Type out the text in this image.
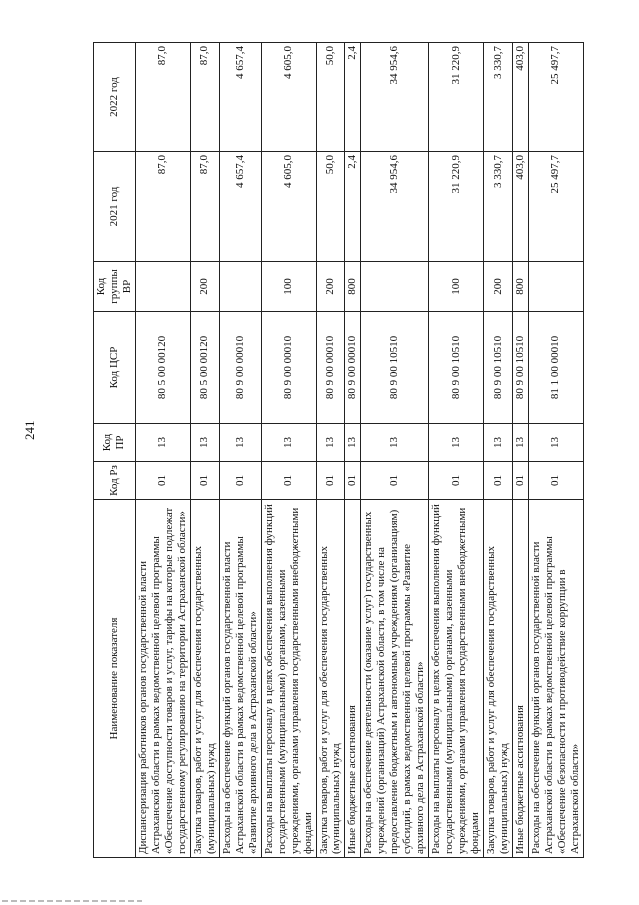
241
Наименование показателя	Код Рз	Код ПР	Код ЦСР	Код группы ВР	2021 год	2022 год
Диспансеризация работников органов государственной власти Астраханской области в рамках ведомственной целевой программы «Обеспечение доступности товаров и услуг, тарифы на которые подлежат государственному регулированию на территории Астраханской области»	01	13	80 5 00 00120		87,0	87,0
Закупка товаров, работ и услуг для обеспечения государственных (муниципальных) нужд	01	13	80 5 00 00120	200	87,0	87,0
Расходы на обеспечение функций органов государственной власти Астраханской области в рамках ведомственной целевой программы «Развитие архивного дела в Астраханской области»	01	13	80 9 00 00010		4 657,4	4 657,4
Расходы на выплаты персоналу в целях обеспечения выполнения функций государственными (муниципальными) органами, казенными учреждениями, органами управления государственными внебюджетными фондами	01	13	80 9 00 00010	100	4 605,0	4 605,0
Закупка товаров, работ и услуг для обеспечения государственных (муниципальных) нужд	01	13	80 9 00 00010	200	50,0	50,0
Иные бюджетные ассигнования	01	13	80 9 00 00010	800	2,4	2,4
Расходы на обеспечение деятельности (оказание услуг) государственных учреждений (организаций) Астраханской области, в том числе на предоставление бюджетным и автономным учреждениям (организациям) субсидий, в рамках ведомственной целевой программы «Развитие архивного дела в Астраханской области»	01	13	80 9 00 10510		34 954,6	34 954,6
Расходы на выплаты персоналу в целях обеспечения выполнения функций государственными (муниципальными) органами, казенными учреждениями, органами управления государственными внебюджетными фондами	01	13	80 9 00 10510	100	31 220,9	31 220,9
Закупка товаров, работ и услуг для обеспечения государственных (муниципальных) нужд	01	13	80 9 00 10510	200	3 330,7	3 330,7
Иные бюджетные ассигнования	01	13	80 9 00 10510	800	403,0	403,0
Расходы на обеспечение функций органов государственной власти Астраханской области в рамках ведомственной целевой программы «Обеспечение безопасности и противодействие коррупции в Астраханской области»	01	13	81 1 00 00010		25 497,7	25 497,7
